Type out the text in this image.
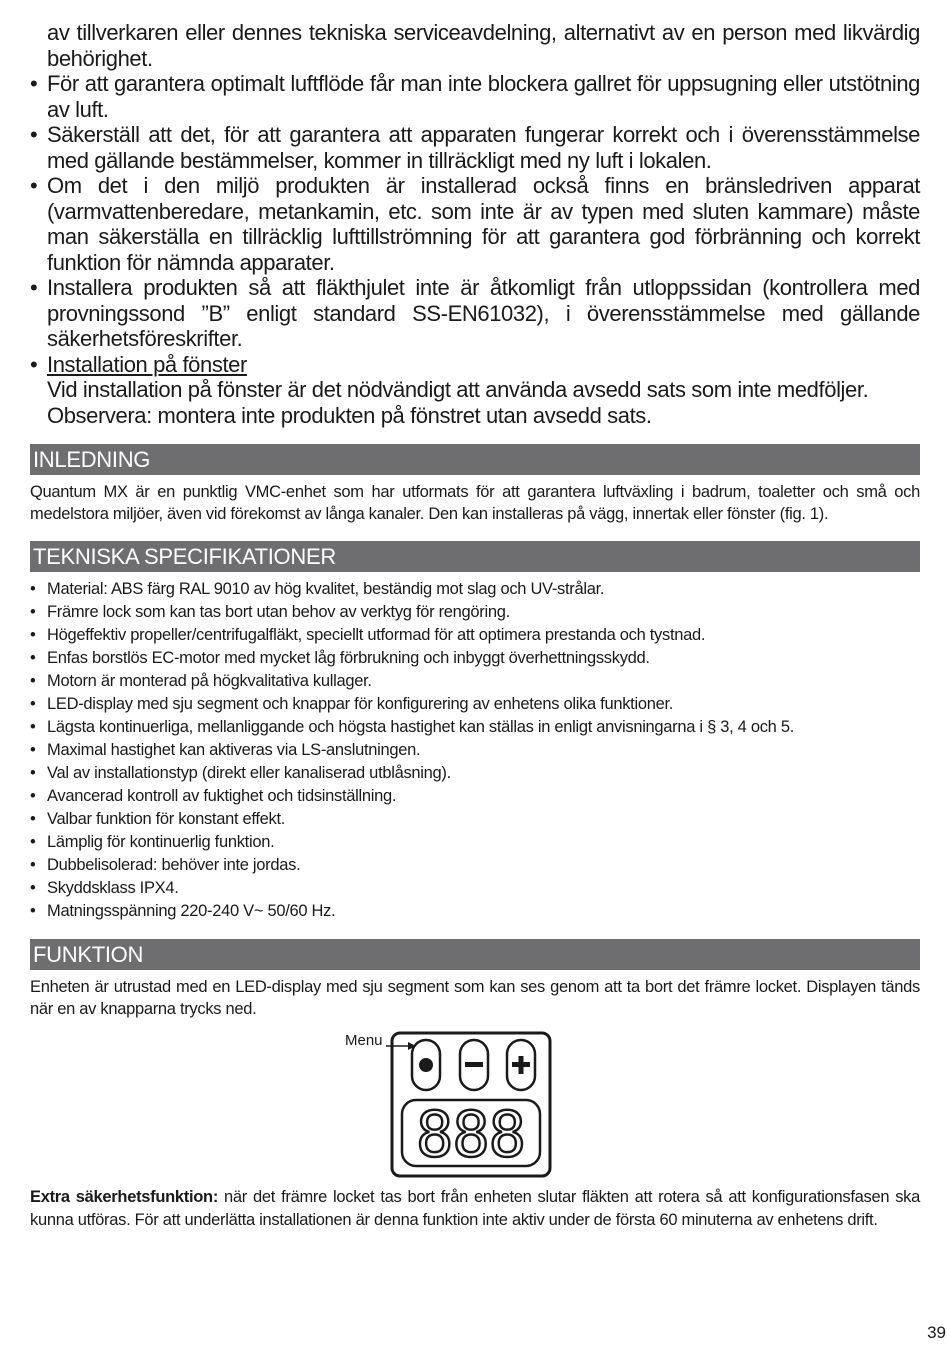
av tillverkaren eller dennes tekniska serviceavdelning, alternativt av en person med likvärdig behörighet.
• För att garantera optimalt luftflöde får man inte blockera gallret för uppsugning eller utstötning av luft.
• Säkerställ att det, för att garantera att apparaten fungerar korrekt och i överensstämmelse med gällande bestämmelser, kommer in tillräckligt med ny luft i lokalen.
• Om det i den miljö produkten är installerad också finns en bränsledriven apparat (varmvattenberedare, metankamin, etc. som inte är av typen med sluten kammare) måste man säkerställa en tillräcklig lufttillströmning för att garantera god förbränning och korrekt funktion för nämnda apparater.
• Installera produkten så att fläkthjulet inte är åtkomligt från utloppssidan (kontrollera med provningssond ”B” enligt standard SS-EN61032), i överensstämmelse med gällande säkerhetsföreskrifter.
• Installation på fönster
Vid installation på fönster är det nödvändigt att använda avsedd sats som inte medföljer.
Observera: montera inte produkten på fönstret utan avsedd sats.
INLEDNING
Quantum MX är en punktlig VMC-enhet som har utformats för att garantera luftväxling i badrum, toaletter och små och medelstora miljöer, även vid förekomst av långa kanaler. Den kan installeras på vägg, innertak eller fönster (fig. 1).
TEKNISKA SPECIFIKATIONER
• Material: ABS färg RAL 9010 av hög kvalitet, beständig mot slag och UV-strålar.
• Främre lock som kan tas bort utan behov av verktyg för rengöring.
• Högeffektiv propeller/centrifugalfläkt, speciellt utformad för att optimera prestanda och tystnad.
• Enfas borstlös EC-motor med mycket låg förbrukning och inbyggt överhettningsskydd.
• Motorn är monterad på högkvalitativa kullager.
• LED-display med sju segment och knappar för konfigurering av enhetens olika funktioner.
• Lägsta kontinuerliga, mellanliggande och högsta hastighet kan ställas in enligt anvisningarna i § 3, 4 och 5.
• Maximal hastighet kan aktiveras via LS-anslutningen.
• Val av installationstyp (direkt eller kanaliserad utblåsning).
• Avancerad kontroll av fuktighet och tidsinställning.
• Valbar funktion för konstant effekt.
• Lämplig för kontinuerlig funktion.
• Dubbelisolerad: behöver inte jordas.
• Skyddsklass IPX4.
• Matningsspänning 220-240 V~ 50/60 Hz.
FUNKTION
Enheten är utrustad med en LED-display med sju segment som kan ses genom att ta bort det främre locket. Displayen tänds när en av knapparna trycks ned.
Menu
888
Extra säkerhetsfunktion: när det främre locket tas bort från enheten slutar fläkten att rotera så att konfigurationsfasen ska kunna utföras. För att underlätta installationen är denna funktion inte aktiv under de första 60 minuterna av enhetens drift.
39
